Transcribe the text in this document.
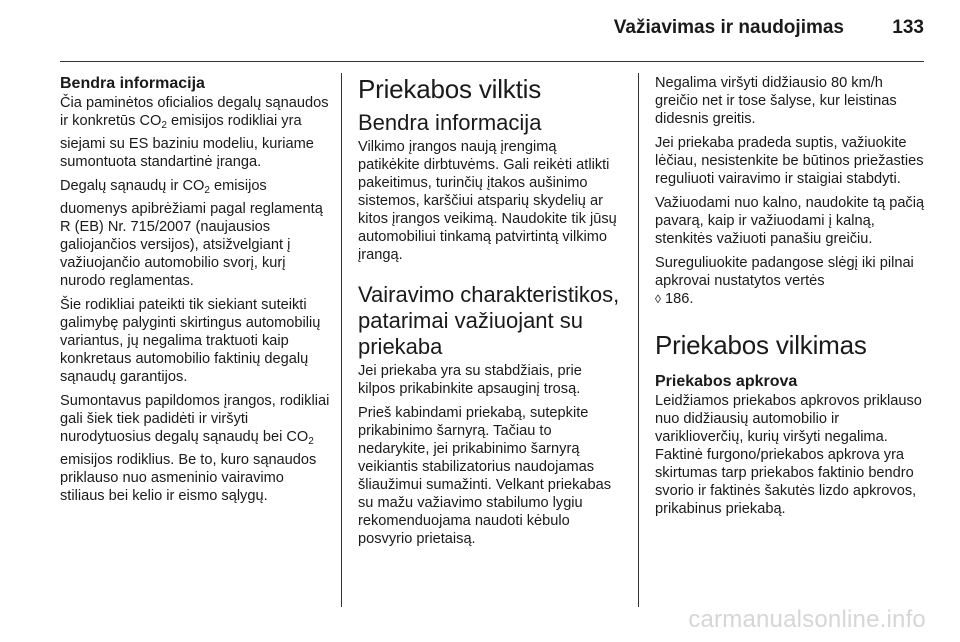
Važiavimas ir naudojimas	133
Bendra informacija

Čia paminėtos oficialios degalų sąnaudos ir konkretūs $CO_2$ emisijos rodikliai yra siejami su ES baziniu modeliu, kuriame sumontuota standartinė įranga.

Degalų sąnaudų ir $CO_2$ emisijos duomenys apibrėžiami pagal reglamentą R (EB) Nr. 715/2007 (naujausios galiojančios versijos), atsižvelgiant į važiuojančio automobilio svorį, kurį nurodo reglamentas.

Šie rodikliai pateikti tik siekiant suteikti galimybę palyginti skirtingus automobilių variantus, jų negalima traktuoti kaip konkretaus automobilio faktinių degalų sąnaudų garantijos.

Sumontavus papildomos įrangos, rodikliai gali šiek tiek padidėti ir viršyti nurodytuosius degalų sąnaudų bei $CO_2$ emisijos rodiklius. Be to, kuro sąnaudos priklauso nuo asmeninio vairavimo stiliaus bei kelio ir eismo sąlygų.

Priekabos vilktis
Bendra informacija

Vilkimo įrangos naują įrengimą patikėkite dirbtuvėms. Gali reikėti atlikti pakeitimus, turinčių įtakos aušinimo sistemos, karščiui atsparių skydelių ar kitos įrangos veikimą. Naudokite tik jūsų automobiliui tinkamą patvirtintą vilkimo įrangą.

Vairavimo charakteristikos, patarimai važiuojant su priekaba

Jei priekaba yra su stabdžiais, prie kilpos prikabinkite apsauginį trosą.

Prieš kabindami priekabą, sutepkite prikabinimo šarnyrą. Tačiau to nedarykite, jei prikabinimo šarnyrą veikiantis stabilizatorius naudojamas šliaužimui sumažinti. Velkant priekabas su mažu važiavimo stabilumo lygiu rekomenduojama naudoti kėbulo posvyrio prietaisą.

Negalima viršyti didžiausio 80 km/h greičio net ir tose šalyse, kur leistinas didesnis greitis.

Jei priekaba pradeda suptis, važiuokite lėčiau, nesistenkite be būtinos priežasties reguliuoti vairavimo ir staigiai stabdyti.

Važiuodami nuo kalno, naudokite tą pačią pavarą, kaip ir važiuodami į kalną, stenkitės važiuoti panašiu greičiu.

Sureguliuokite padangose slėgį iki pilnai apkrovai nustatytos vertės
◊ 186.

Priekabos vilkimas
Priekabos apkrova

Leidžiamos priekabos apkrovos priklauso nuo didžiausių automobilio ir variklioverčių, kurių viršyti negalima. Faktinė furgono/priekabos apkrova yra skirtumas tarp priekabos faktinio bendro svorio ir faktinės šakutės lizdo apkrovos, prikabinus priekabą.

carmanualsonline.info
